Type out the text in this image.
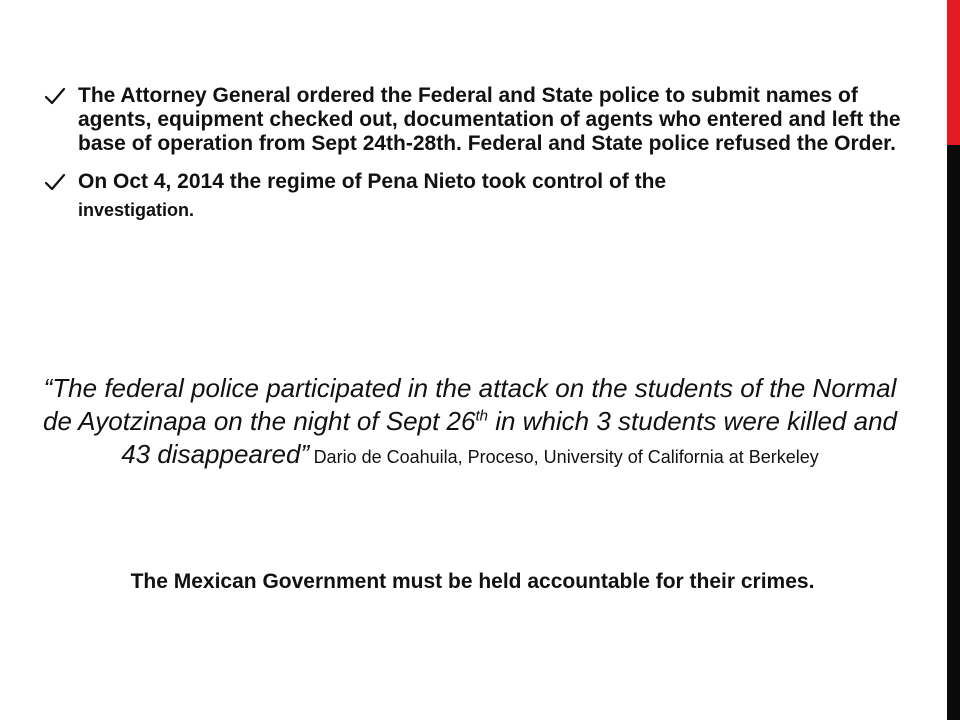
The Attorney General ordered the Federal and State police to submit names of agents, equipment checked out, documentation of agents who entered and left the base of operation from Sept 24th-28th. Federal and State police refused the Order.
On Oct 4, 2014 the regime of Pena Nieto took control of the
investigation.
“The federal police participated in the attack on the students of the Normal de Ayotzinapa on the night of Sept 26th in which 3 students were killed and 43 disappeared” Dario de Coahuila, Proceso, University of California at Berkeley
The Mexican Government must be held accountable for their crimes.
